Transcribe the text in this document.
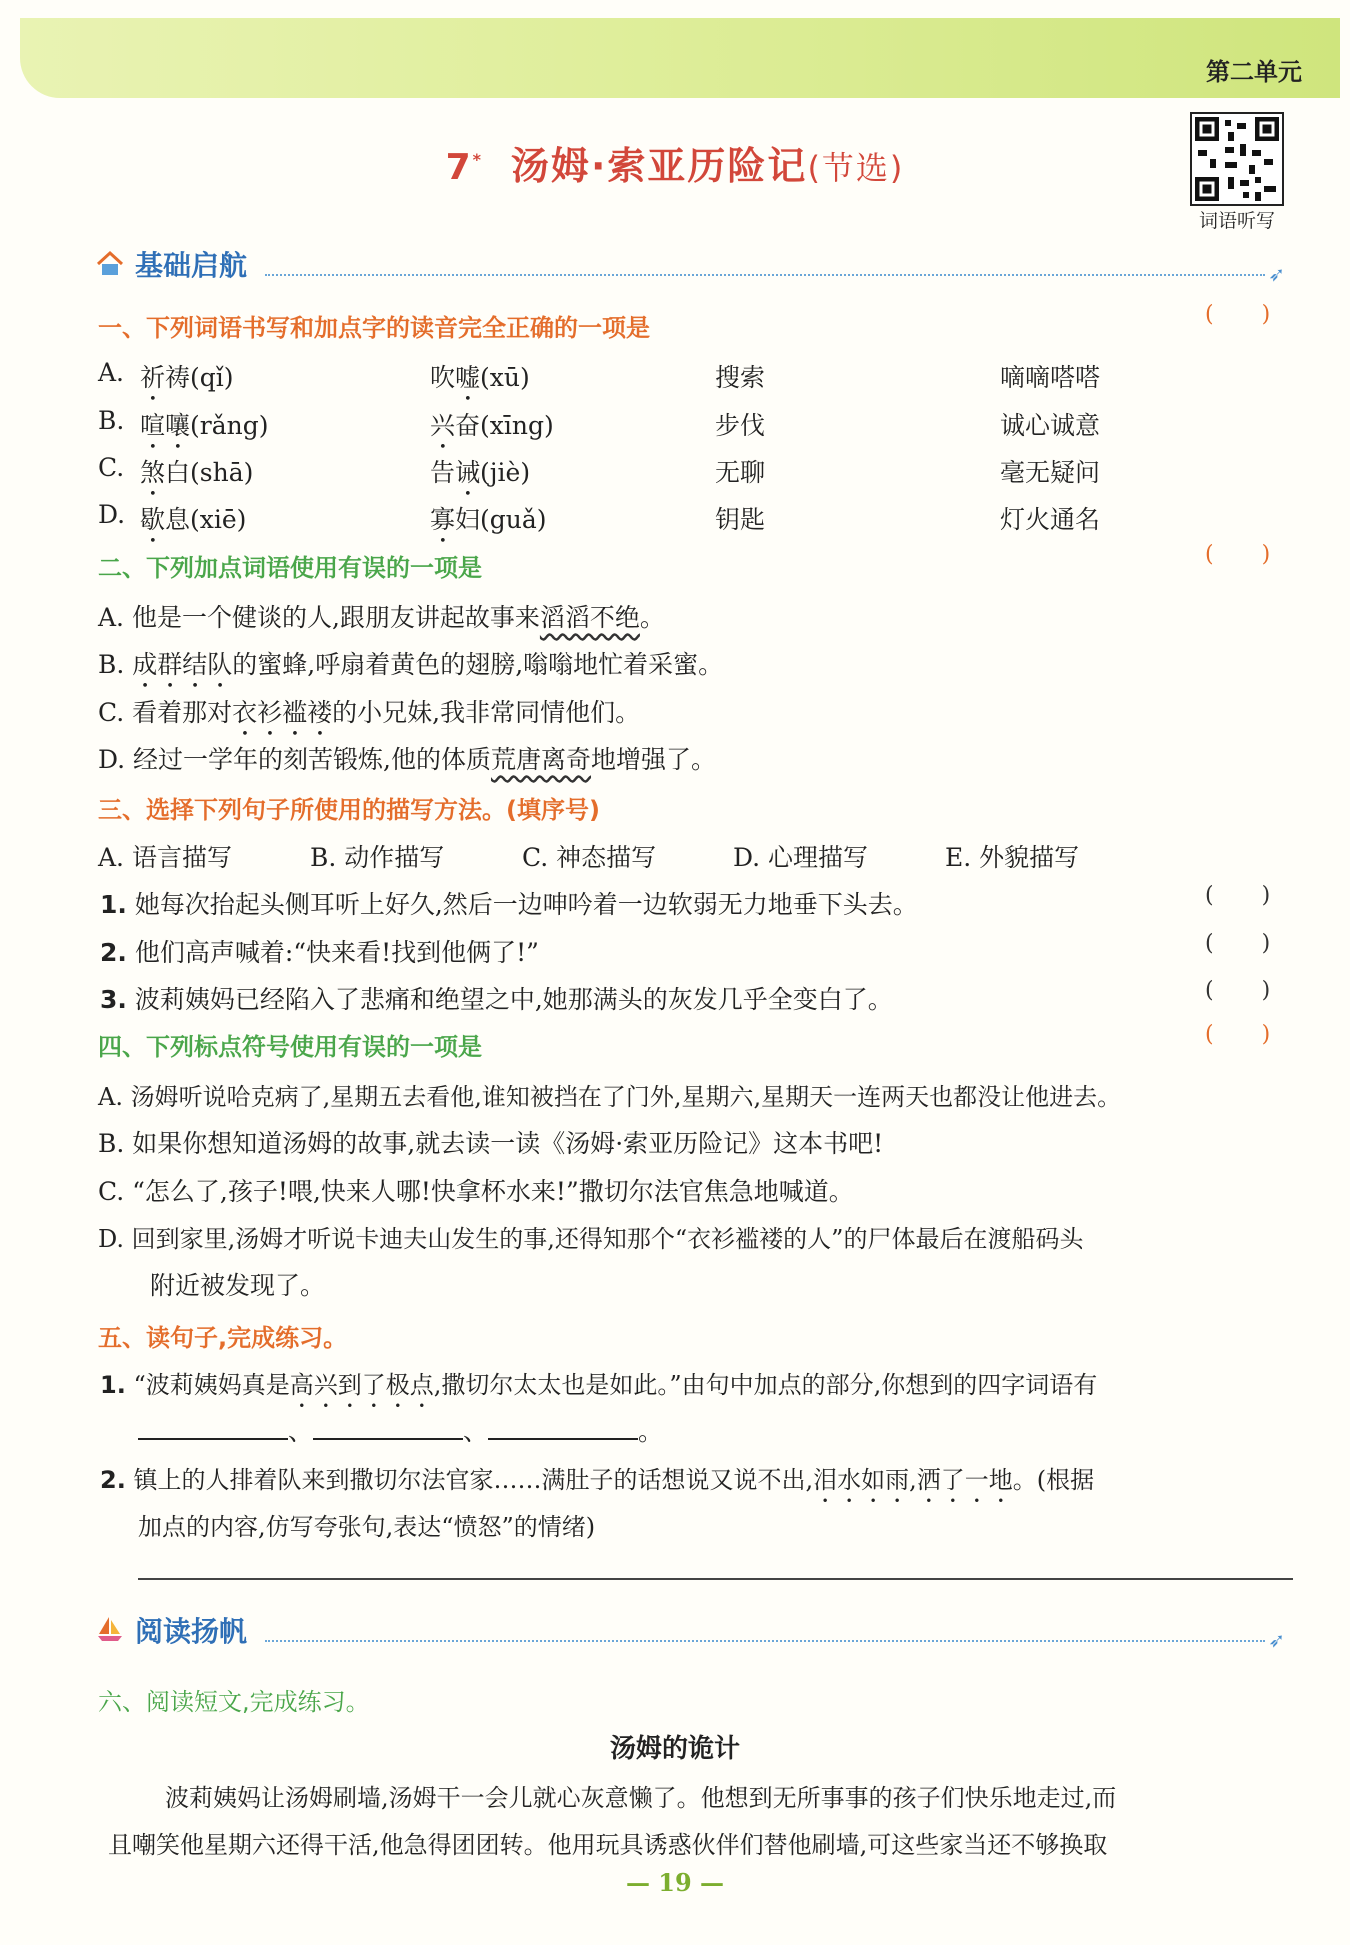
第二单元
7* 汤姆·索亚历险记(节选)
词语听写
基础启航	➶
一、下列词语书写和加点字的读音完全正确的一项是	()
A. 祈祷(qǐ)	吹嘘(xū)	搜索	嘀嘀嗒嗒
B. 喧嚷(rǎng)	兴奋(xīng)	步伐	诚心诚意
C. 煞白(shā)	告诫(jiè)	无聊	毫无疑问
D. 歇息(xiē)	寡妇(guǎ)	钥匙	灯火通名
二、下列加点词语使用有误的一项是	()
A. 他是一个健谈的人,跟朋友讲起故事来滔滔不绝。
B. 成群结队的蜜蜂,呼扇着黄色的翅膀,嗡嗡地忙着采蜜。
C. 看着那对衣衫褴褛的小兄妹,我非常同情他们。
D. 经过一学年的刻苦锻炼,他的体质荒唐离奇地增强了。
三、选择下列句子所使用的描写方法。(填序号)
A. 语言描写	B. 动作描写	C. 神态描写	D. 心理描写	E. 外貌描写
1. 她每次抬起头侧耳听上好久,然后一边呻吟着一边软弱无力地垂下头去。	()
2. 他们高声喊着:“快来看!找到他俩了!”	()
3. 波莉姨妈已经陷入了悲痛和绝望之中,她那满头的灰发几乎全变白了。	()
四、下列标点符号使用有误的一项是	()
A. 汤姆听说哈克病了,星期五去看他,谁知被挡在了门外,星期六,星期天一连两天也都没让他进去。
B. 如果你想知道汤姆的故事,就去读一读《汤姆·索亚历险记》这本书吧!
C. “怎么了,孩子!喂,快来人哪!快拿杯水来!”撒切尔法官焦急地喊道。
D. 回到家里,汤姆才听说卡迪夫山发生的事,还得知那个“衣衫褴褛的人”的尸体最后在渡船码头
附近被发现了。
五、读句子,完成练习。
1. “波莉姨妈真是高兴到了极点,撒切尔太太也是如此。”由句中加点的部分,你想到的四字词语有
、	、	。
2. 镇上的人排着队来到撒切尔法官家……满肚子的话想说又说不出,泪水如雨,洒了一地。(根据
加点的内容,仿写夸张句,表达“愤怒”的情绪)
阅读扬帆	➶
六、阅读短文,完成练习。
汤姆的诡计
波莉姨妈让汤姆刷墙,汤姆干一会儿就心灰意懒了。他想到无所事事的孩子们快乐地走过,而
且嘲笑他星期六还得干活,他急得团团转。他用玩具诱惑伙伴们替他刷墙,可这些家当还不够换取
— 19 —
